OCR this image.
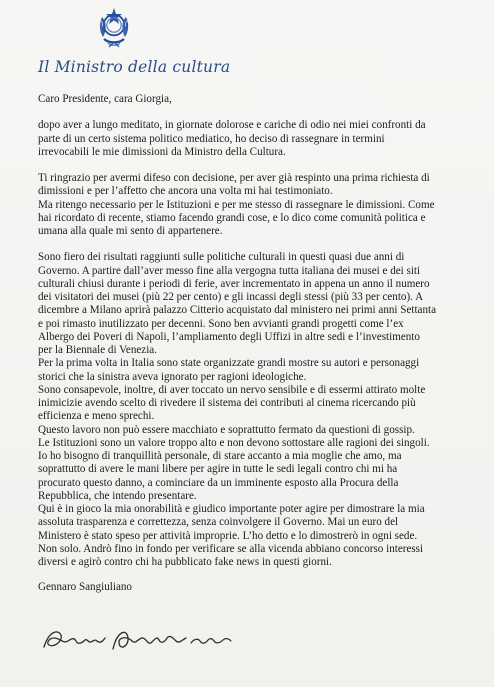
Il Ministro della cultura

Caro Presidente, cara Giorgia,

dopo aver a lungo meditato, in giornate dolorose e cariche di odio nei miei confronti da
parte di un certo sistema politico mediatico, ho deciso di rassegnare in termini
irrevocabili le mie dimissioni da Ministro della Cultura.

Ti ringrazio per avermi difeso con decisione, per aver già respinto una prima richiesta di
dimissioni e per l’affetto che ancora una volta mi hai testimoniato.

Ma ritengo necessario per le Istituzioni e per me stesso di rassegnare le dimissioni. Come
hai ricordato di recente, stiamo facendo grandi cose, e lo dico come comunità politica e
umana alla quale mi sento di appartenere.

Sono fiero dei risultati raggiunti sulle politiche culturali in questi quasi due anni di
Governo. A partire dall’aver messo fine alla vergogna tutta italiana dei musei e dei siti
culturali chiusi durante i periodi di ferie, aver incrementato in appena un anno il numero
dei visitatori dei musei (più 22 per cento) e gli incassi degli stessi (più 33 per cento). A
dicembre a Milano aprirà palazzo Citterio acquistato dal ministero nei primi anni Settanta
e poi rimasto inutilizzato per decenni. Sono ben avvianti grandi progetti come l’ex
Albergo dei Poveri di Napoli, l’ampliamento degli Uffizi in altre sedi e l’investimento
per la Biennale di Venezia.

Per la prima volta in Italia sono state organizzate grandi mostre su autori e personaggi
storici che la sinistra aveva ignorato per ragioni ideologiche.

Sono consapevole, inoltre, di aver toccato un nervo sensibile e di essermi attirato molte
inimicizie avendo scelto di rivedere il sistema dei contributi al cinema ricercando più
efficienza e meno sprechi.

Questo lavoro non può essere macchiato e soprattutto fermato da questioni di gossip.

Le Istituzioni sono un valore troppo alto e non devono sottostare alle ragioni dei singoli.
Io ho bisogno di tranquillità personale, di stare accanto a mia moglie che amo, ma
soprattutto di avere le mani libere per agire in tutte le sedi legali contro chi mi ha
procurato questo danno, a cominciare da un imminente esposto alla Procura della
Repubblica, che intendo presentare.

Qui è in gioco la mia onorabilità e giudico importante poter agire per dimostrare la mia
assoluta trasparenza e correttezza, senza coinvolgere il Governo. Mai un euro del
Ministero è stato speso per attività improprie. L’ho detto e lo dimostrerò in ogni sede.
Non solo. Andrò fino in fondo per verificare se alla vicenda abbiano concorso interessi
diversi e agirò contro chi ha pubblicato fake news in questi giorni.

Gennaro Sangiuliano
